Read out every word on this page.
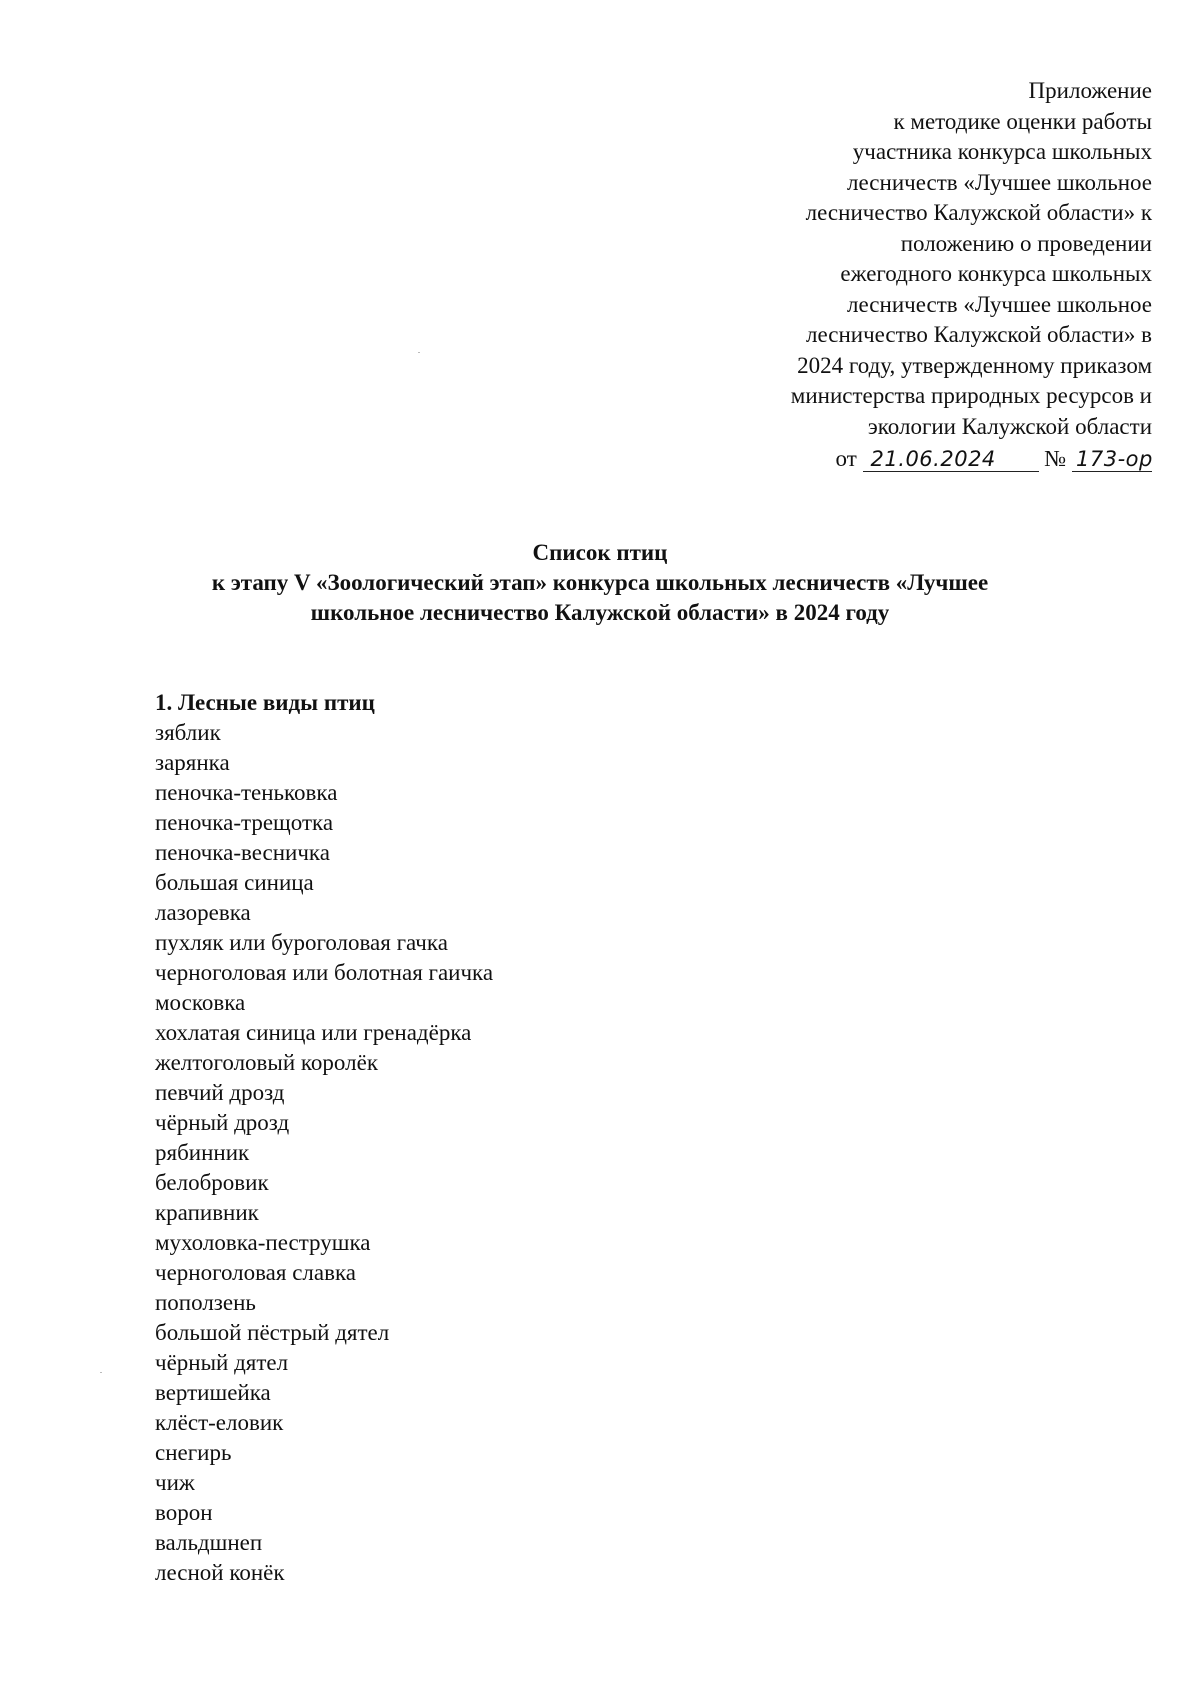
Приложение
к методике оценки работы
участника конкурса школьных
лесничеств «Лучшее школьное
лесничество Калужской области» к
положению о проведении
ежегодного конкурса школьных
лесничеств «Лучшее школьное
лесничество Калужской области» в
2024 году, утвержденному приказом
министерства природных ресурсов и
экологии Калужской области
от 21.06.2024 № 173-ор
Список птиц
к этапу V «Зоологический этап» конкурса школьных лесничеств «Лучшее
школьное лесничество Калужской области» в 2024 году
1. Лесные виды птиц
зяблик
зарянка
пеночка-теньковка
пеночка-трещотка
пеночка-весничка
большая синица
лазоревка
пухляк или буроголовая гачка
черноголовая или болотная гаичка
московка
хохлатая синица или гренадёрка
желтоголовый королёк
певчий дрозд
чёрный дрозд
рябинник
белобровик
крапивник
мухоловка-пеструшка
черноголовая славка
поползень
большой пёстрый дятел
чёрный дятел
вертишейка
клёст-еловик
снегирь
чиж
ворон
вальдшнеп
лесной конёк
